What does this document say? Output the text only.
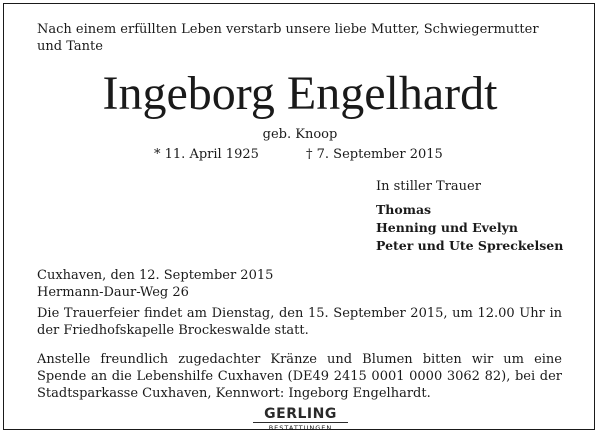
Nach einem erfüllten Leben verstarb unsere liebe Mutter, Schwiegermutter und Tante
Ingeborg Engelhardt
geb. Knoop
* 11. April 1925	† 7. September 2015
In stiller Trauer
Thomas
Henning und Evelyn
Peter und Ute Spreckelsen
Cuxhaven, den 12. September 2015
Hermann-Daur-Weg 26
Die Trauerfeier findet am Dienstag, den 15. September 2015, um 12.00 Uhr in der Friedhofskapelle Brockeswalde statt.
Anstelle freundlich zugedachter Kränze und Blumen bitten wir um eine Spende an die Lebenshilfe Cuxhaven (DE49 2415 0001 0000 3062 82), bei der Stadtsparkasse Cuxhaven, Kennwort: Ingeborg Engelhardt.
GERLING
BESTATTUNGEN
